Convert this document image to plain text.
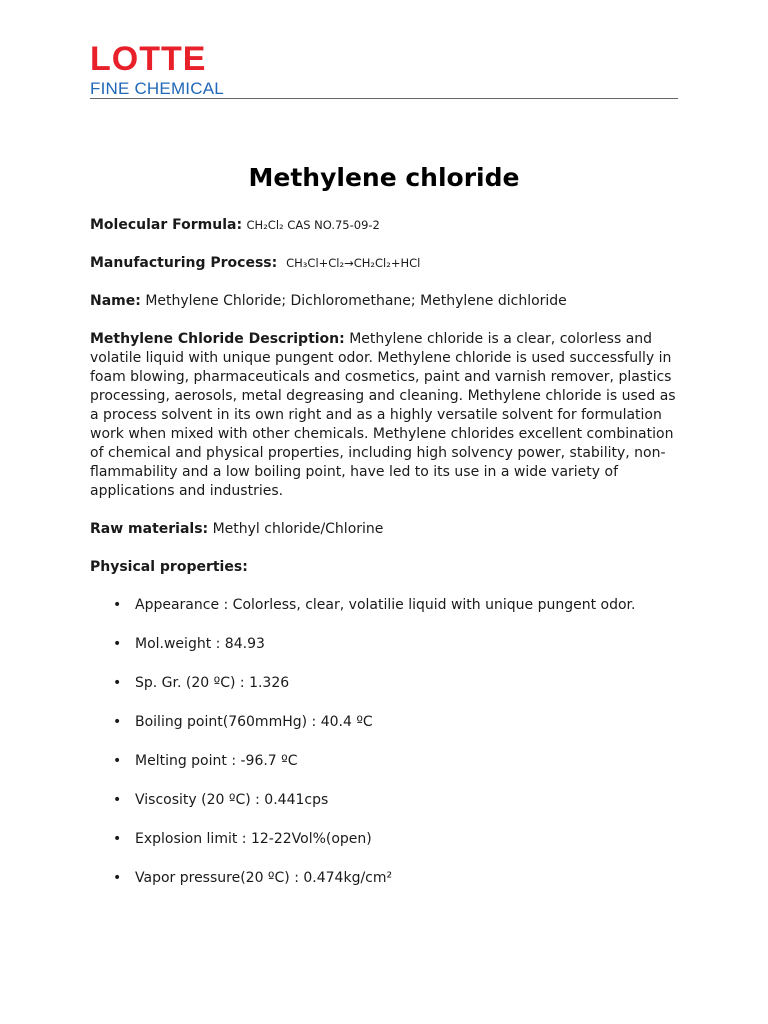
LOTTE
FINE CHEMICAL
Methylene chloride

Molecular Formula: CH₂Cl₂ CAS NO.75-09-2

Manufacturing Process: CH₃Cl+Cl₂→CH₂Cl₂+HCl

Name: Methylene Chloride; Dichloromethane; Methylene dichloride

Methylene Chloride Description: Methylene chloride is a clear, colorless and volatile liquid with unique pungent odor. Methylene chloride is used successfully in foam blowing, pharmaceuticals and cosmetics, paint and varnish remover, plastics processing, aerosols, metal degreasing and cleaning. Methylene chloride is used as a process solvent in its own right and as a highly versatile solvent for formulation work when mixed with other chemicals. Methylene chlorides excellent combination of chemical and physical properties, including high solvency power, stability, non-flammability and a low boiling point, have led to its use in a wide variety of applications and industries.

Raw materials: Methyl chloride/Chlorine

Physical properties:

• Appearance : Colorless, clear, volatilie liquid with unique pungent odor.
• Mol.weight : 84.93
• Sp. Gr. (20 ºC) : 1.326
• Boiling point(760mmHg) : 40.4 ºC
• Melting point : -96.7 ºC
• Viscosity (20 ºC) : 0.441cps
• Explosion limit : 12-22Vol%(open)
• Vapor pressure(20 ºC) : 0.474kg/cm²
